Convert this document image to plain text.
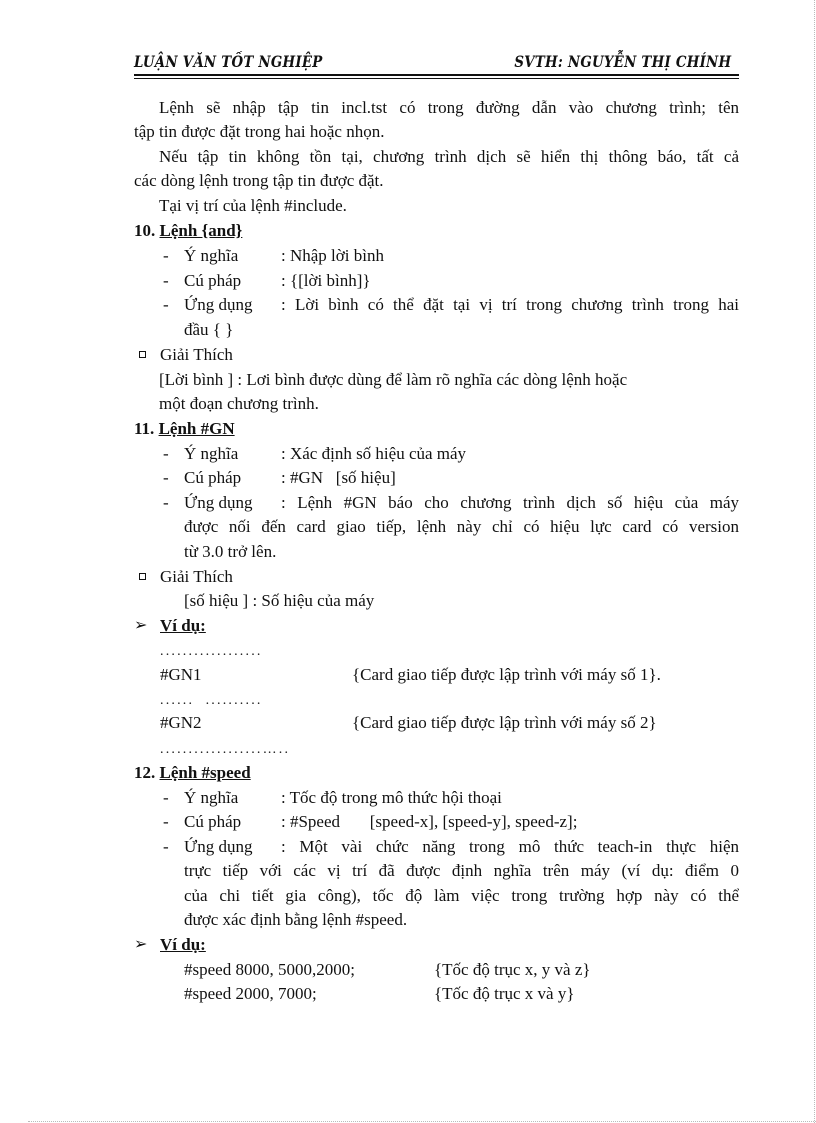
LUẬN VĂN TỐT NGHIỆP	SVTH: NGUYỄN THỊ CHÍNH
Lệnh sẽ nhập tập tin incl.tst có trong đường dẫn vào chương trình; tên
tập tin được đặt trong hai hoặc nhọn.
Nếu tập tin không tồn tại, chương trình dịch sẽ hiển thị thông báo, tất cả
các dòng lệnh trong tập tin được đặt.
Tại vị trí của lệnh #include.
10. Lệnh {and}
- Ý nghĩa	: Nhập lời bình
- Cú pháp : {[lời bình]}
- Ứng dụng : Lời bình có thể đặt tại vị trí trong chương trình trong hai
đầu { }
Giải Thích
[Lời bình ] : Lơi bình được dùng để làm rõ nghĩa các dòng lệnh hoặc
một đoạn chương trình.
11. Lệnh #GN
- Ý nghĩa	: Xác định số hiệu của máy
- Cú pháp : #GN   [số hiệu]
- Ứng dụng : Lệnh #GN báo cho chương trình dịch số hiệu của máy
được nối đến card giao tiếp, lệnh này chỉ có hiệu lực card có version
từ 3.0 trở lên.
Giải Thích
[số hiệu ] : Số hiệu của máy
➢ Ví dụ:
..................
#GN1	{Card giao tiếp được lập trình với máy số 1}.
......  ..........
#GN2	{Card giao tiếp được lập trình với máy số 2}
..................…..
12. Lệnh #speed
- Ý nghĩa	: Tốc độ trong mô thức hội thoại
- Cú pháp : #Speed       [speed-x], [speed-y], speed-z];
- Ứng dụng : Một vài chức năng trong mô thức teach-in thực hiện
trực tiếp với các vị trí đã được định nghĩa trên máy (ví dụ: điểm 0
của chi tiết gia công), tốc độ làm việc trong trường hợp này có thể
được xác định bằng lệnh #speed.
➢ Ví dụ:
#speed 8000, 5000,2000;	{Tốc độ trục x, y và z}
#speed 2000, 7000;	{Tốc độ trục x và y}
